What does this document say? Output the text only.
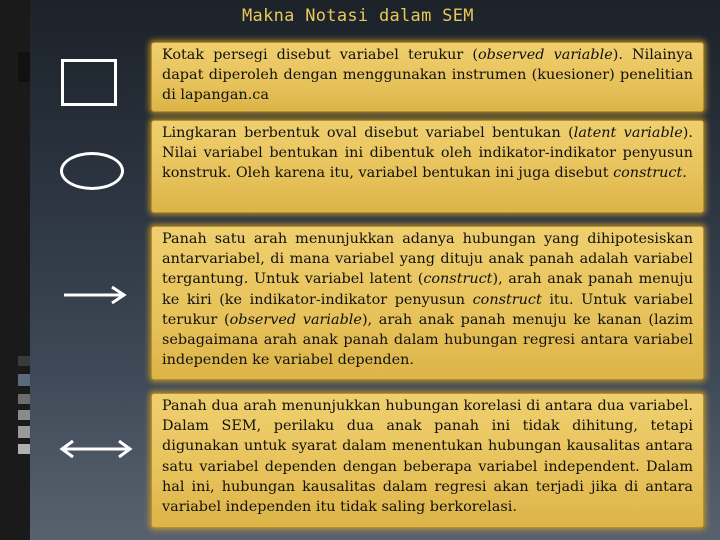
Makna Notasi dalam SEM

Kotak persegi disebut variabel terukur (observed variable). Nilainya dapat diperoleh dengan menggunakan instrumen (kuesioner) penelitian di lapangan.ca

Lingkaran berbentuk oval disebut variabel bentukan (latent variable). Nilai variabel bentukan ini dibentuk oleh indikator-indikator penyusun konstruk. Oleh karena itu, variabel bentukan ini juga disebut construct.

Panah satu arah menunjukkan adanya hubungan yang dihipotesiskan antarvariabel, di mana variabel yang dituju anak panah adalah variabel tergantung. Untuk variabel latent (construct), arah anak panah menuju ke kiri (ke indikator-indikator penyusun construct itu. Untuk variabel terukur (observed variable), arah anak panah menuju ke kanan (lazim sebagaimana arah anak panah dalam hubungan regresi antara variabel independen ke variabel dependen.

Panah dua arah menunjukkan hubungan korelasi di antara dua variabel. Dalam SEM, perilaku dua anak panah ini tidak dihitung, tetapi digunakan untuk syarat dalam menentukan hubungan kausalitas antara satu variabel dependen dengan beberapa variabel independent. Dalam hal ini, hubungan kausalitas dalam regresi akan terjadi jika di antara variabel independen itu tidak saling berkorelasi.
